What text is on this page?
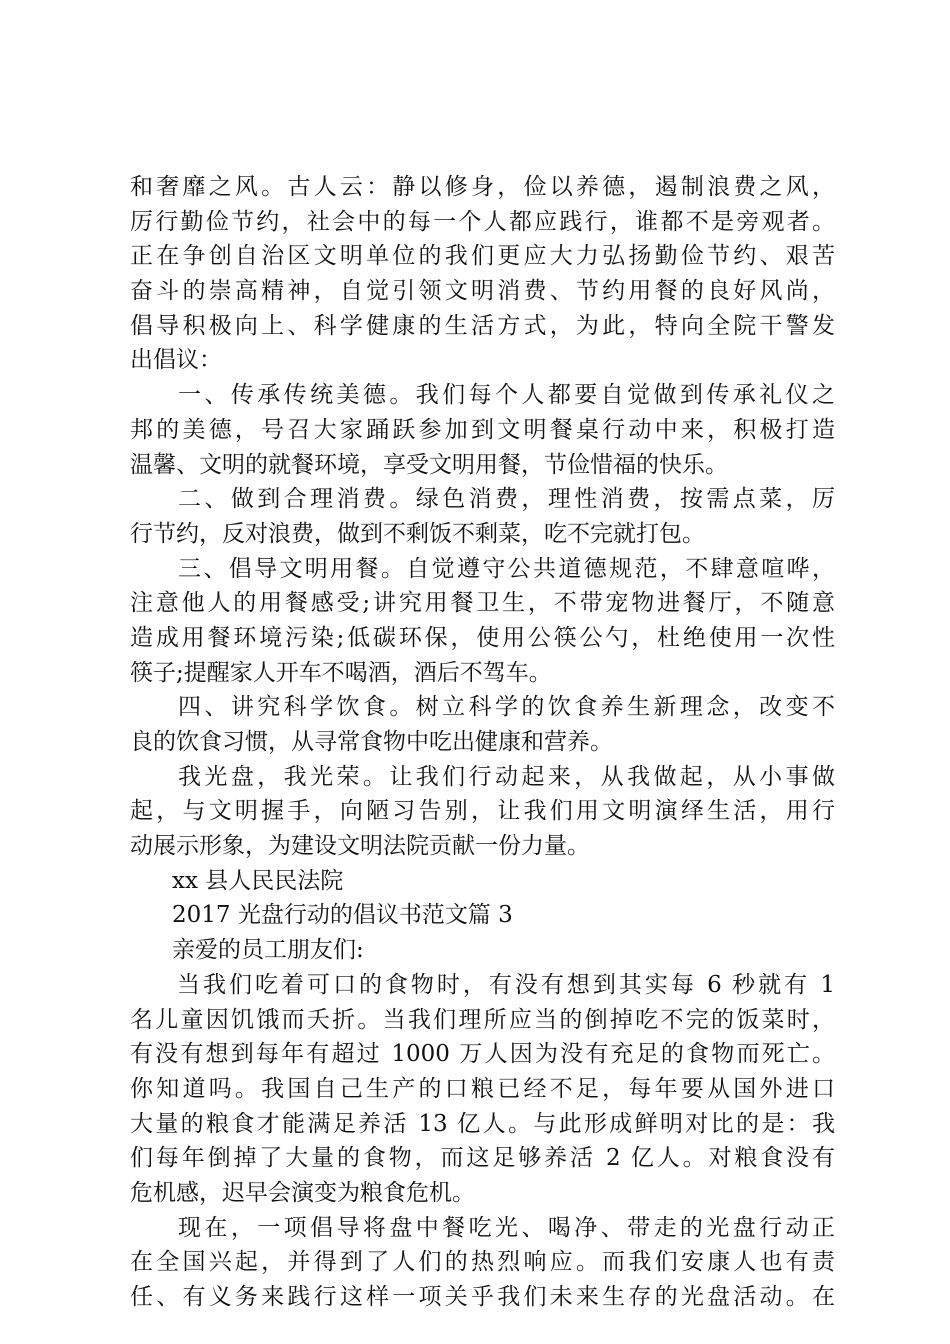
和奢靡之风。古人云：静以修身，俭以养德，遏制浪费之风，
厉行勤俭节约，社会中的每一个人都应践行，谁都不是旁观者。
正在争创自治区文明单位的我们更应大力弘扬勤俭节约、艰苦
奋斗的崇高精神，自觉引领文明消费、节约用餐的良好风尚，
倡导积极向上、科学健康的生活方式，为此，特向全院干警发
出倡议：
一、传承传统美德。我们每个人都要自觉做到传承礼仪之
邦的美德，号召大家踊跃参加到文明餐桌行动中来，积极打造
温馨、文明的就餐环境，享受文明用餐，节俭惜福的快乐。
二、做到合理消费。绿色消费，理性消费，按需点菜，厉
行节约，反对浪费，做到不剩饭不剩菜，吃不完就打包。
三、倡导文明用餐。自觉遵守公共道德规范，不肆意喧哗，
注意他人的用餐感受;讲究用餐卫生，不带宠物进餐厅，不随意
造成用餐环境污染;低碳环保，使用公筷公勺，杜绝使用一次性
筷子;提醒家人开车不喝酒，酒后不驾车。
四、讲究科学饮食。树立科学的饮食养生新理念，改变不
良的饮食习惯，从寻常食物中吃出健康和营养。
我光盘，我光荣。让我们行动起来，从我做起，从小事做
起，与文明握手，向陋习告别，让我们用文明演绎生活，用行
动展示形象，为建设文明法院贡献一份力量。
xx 县人民民法院
2017 光盘行动的倡议书范文篇 3
亲爱的员工朋友们:
当我们吃着可口的食物时，有没有想到其实每 6 秒就有 1
名儿童因饥饿而夭折。当我们理所应当的倒掉吃不完的饭菜时，
有没有想到每年有超过 1000 万人因为没有充足的食物而死亡。
你知道吗。我国自己生产的口粮已经不足，每年要从国外进口
大量的粮食才能满足养活 13 亿人。与此形成鲜明对比的是：我
们每年倒掉了大量的食物，而这足够养活 2 亿人。对粮食没有
危机感，迟早会演变为粮食危机。
现在，一项倡导将盘中餐吃光、喝净、带走的光盘行动正
在全国兴起，并得到了人们的热烈响应。而我们安康人也有责
任、有义务来践行这样一项关乎我们未来生存的光盘活动。在
